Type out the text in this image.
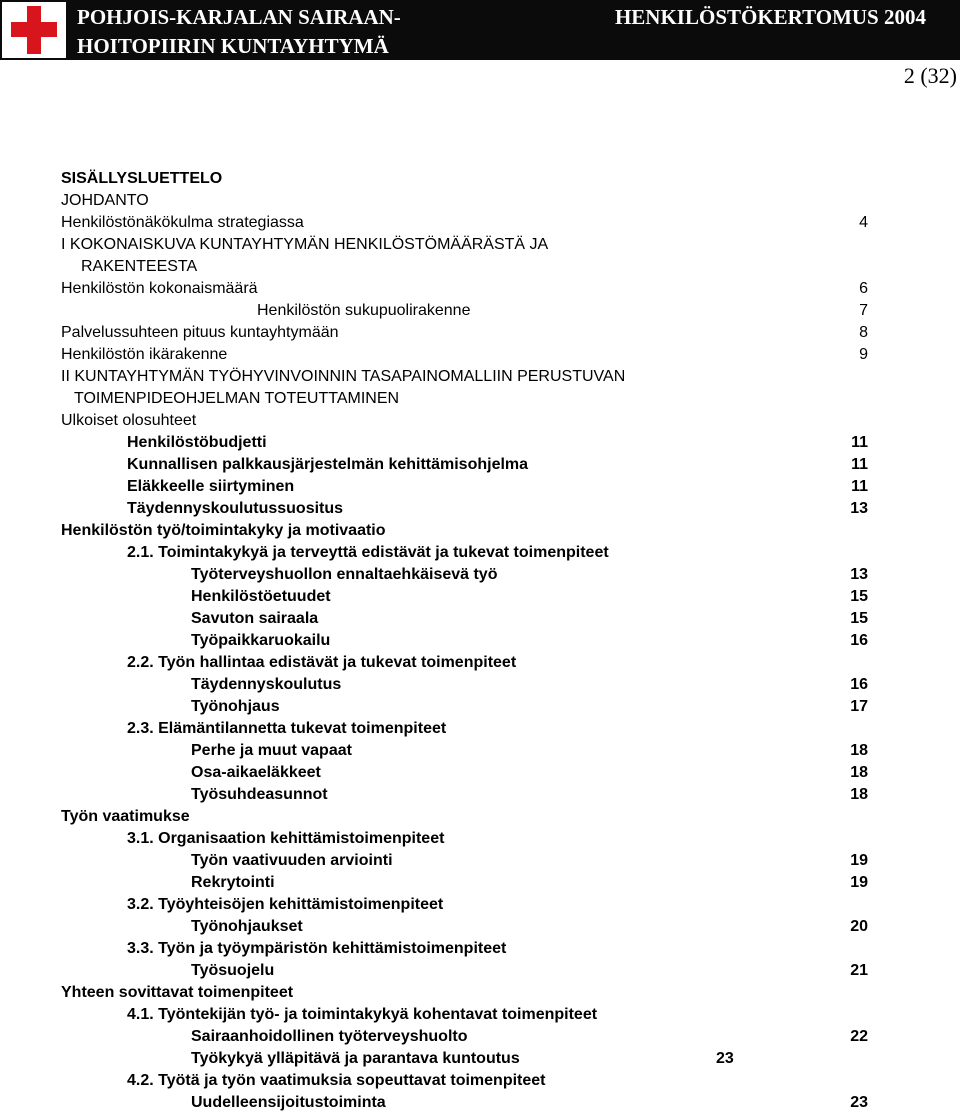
POHJOIS-KARJALAN SAIRAAN-
HOITOPIIRIN KUNTAYHTYMÄ
HENKILÖSTÖKERTOMUS 2004
2 (32)
SISÄLLYSLUETTELO
JOHDANTO
Henkilöstönäkökulma strategiassa	4
I KOKONAISKUVA KUNTAYHTYMÄN HENKILÖSTÖMÄÄRÄSTÄ JA
RAKENTEESTA
Henkilöstön kokonaismäärä	6
Henkilöstön sukupuolirakenne	7
Palvelussuhteen pituus kuntayhtymään	8
Henkilöstön ikärakenne	9
II KUNTAYHTYMÄN TYÖHYVINVOINNIN TASAPAINOMALLIIN PERUSTUVAN
TOIMENPIDEOHJELMAN TOTEUTTAMINEN
Ulkoiset olosuhteet
Henkilöstöbudjetti	11
Kunnallisen palkkausjärjestelmän kehittämisohjelma	11
Eläkkeelle siirtyminen	11
Täydennyskoulutussuositus	13
Henkilöstön työ/toimintakyky ja motivaatio
2.1. Toimintakykyä ja terveyttä edistävät ja tukevat toimenpiteet
Työterveyshuollon ennaltaehkäisevä työ	13
Henkilöstöetuudet	15
Savuton sairaala	15
Työpaikkaruokailu	16
2.2. Työn hallintaa edistävät ja tukevat toimenpiteet
Täydennyskoulutus	16
Työnohjaus	17
2.3. Elämäntilannetta tukevat toimenpiteet
Perhe ja muut vapaat	18
Osa-aikaeläkkeet	18
Työsuhdeasunnot	18
Työn vaatimukse
3.1. Organisaation kehittämistoimenpiteet
Työn vaativuuden arviointi	19
Rekrytointi	19
3.2. Työyhteisöjen kehittämistoimenpiteet
Työnohjaukset	20
3.3. Työn ja työympäristön kehittämistoimenpiteet
Työsuojelu	21
Yhteen sovittavat toimenpiteet
4.1. Työntekijän työ- ja toimintakykyä kohentavat toimenpiteet
Sairaanhoidollinen työterveyshuolto	22
Työkykyä ylläpitävä ja parantava kuntoutus	23
4.2. Työtä ja työn vaatimuksia sopeuttavat toimenpiteet
Uudelleensijoitustoiminta	23
